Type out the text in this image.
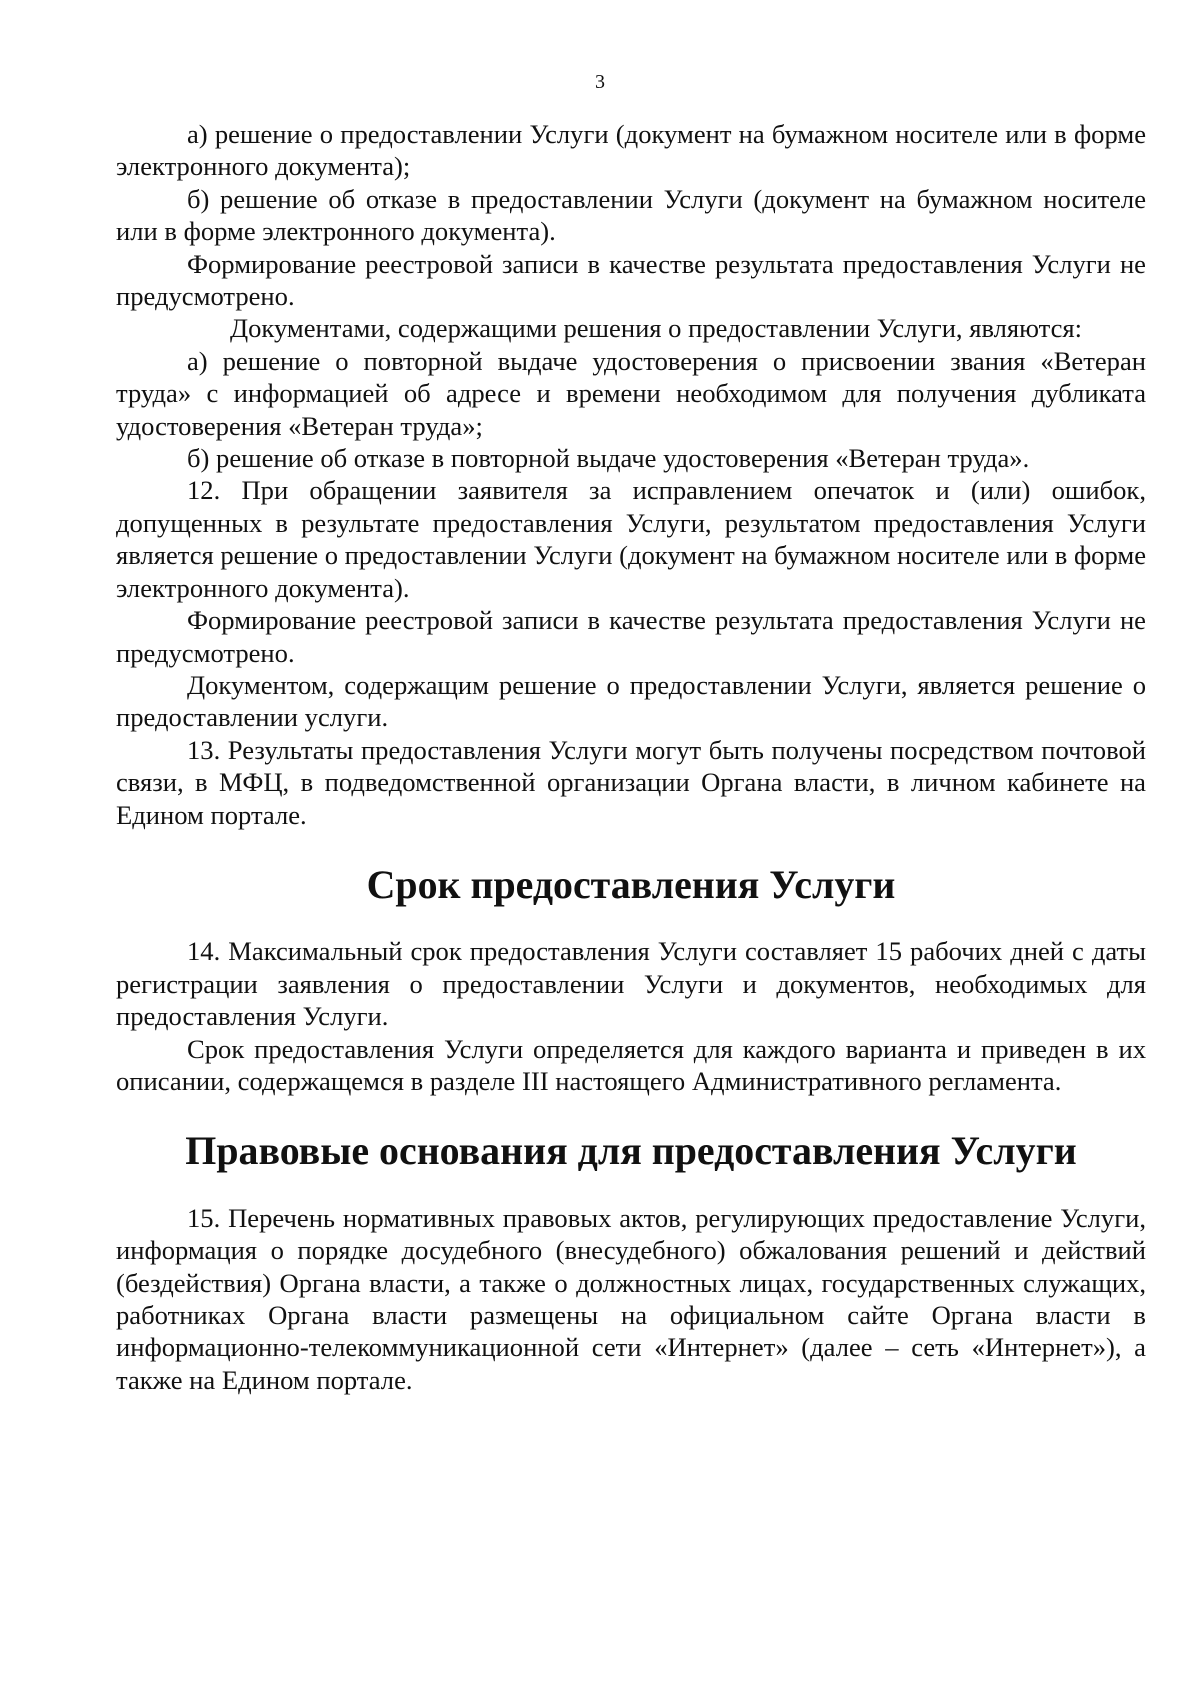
3

а) решение о предоставлении Услуги (документ на бумажном носителе или в форме электронного документа);

б) решение об отказе в предоставлении Услуги (документ на бумажном носителе или в форме электронного документа).

Формирование реестровой записи в качестве результата предоставления Услуги не предусмотрено.

Документами, содержащими решения о предоставлении Услуги, являются:

а) решение о повторной выдаче удостоверения о присвоении звания «Ветеран труда» с информацией об адресе и времени необходимом для получения дубликата удостоверения «Ветеран труда»;

б) решение об отказе в повторной выдаче удостоверения «Ветеран труда».

12. При обращении заявителя за исправлением опечаток и (или) ошибок, допущенных в результате предоставления Услуги, результатом предоставления Услуги является решение о предоставлении Услуги (документ на бумажном носителе или в форме электронного документа).

Формирование реестровой записи в качестве результата предоставления Услуги не предусмотрено.

Документом, содержащим решение о предоставлении Услуги, является решение о предоставлении услуги.

13. Результаты предоставления Услуги могут быть получены посредством почтовой связи, в МФЦ, в подведомственной организации Органа власти, в личном кабинете на Едином портале.

Срок предоставления Услуги

14. Максимальный срок предоставления Услуги составляет 15 рабочих дней с даты регистрации заявления о предоставлении Услуги и документов, необходимых для предоставления Услуги.

Срок предоставления Услуги определяется для каждого варианта и приведен в их описании, содержащемся в разделе III настоящего Административного регламента.

Правовые основания для предоставления Услуги

15. Перечень нормативных правовых актов, регулирующих предоставление Услуги, информация о порядке досудебного (внесудебного) обжалования решений и действий (бездействия) Органа власти, а также о должностных лицах, государственных служащих, работниках Органа власти размещены на официальном сайте Органа власти в информационно-телекоммуникационной сети «Интернет» (далее – сеть «Интернет»), а также на Едином портале.
